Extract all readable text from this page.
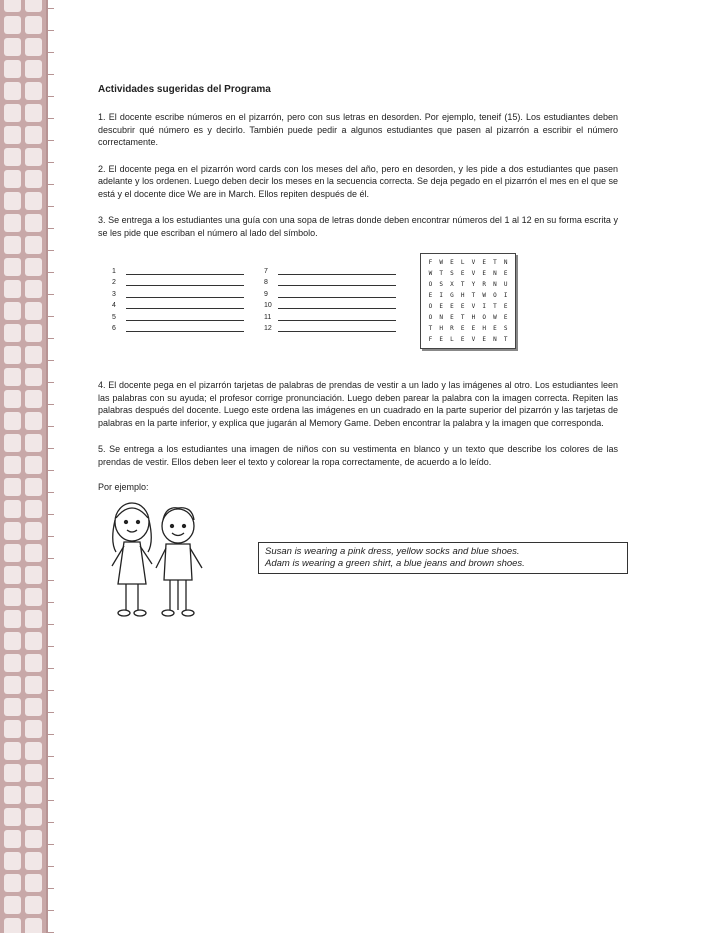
Actividades sugeridas del Programa

1. El docente escribe números en el pizarrón, pero con sus letras en desorden. Por ejemplo, teneif (15). Los estudiantes deben descubrir qué número es y decirlo. También puede pedir a algunos estudiantes que pasen al pizarrón a escribir el número correctamente.

2. El docente pega en el pizarrón word cards con los meses del año, pero en desorden, y les pide a dos estudiantes que pasen adelante y los ordenen. Luego deben decir los meses en la secuencia correcta. Se deja pegado en el pizarrón el mes en el que se está y el docente dice We are in March. Ellos repiten después de él.

3. Se entrega a los estudiantes una guía con una sopa de letras donde deben encontrar números del 1 al 12 en su forma escrita y se les pide que escriban el número al lado del símbolo.

1
2
3
4
5
6
7
8
9
10
11
12
F	W	E	L	V	E	T	N
W	T	S	E	V	E	N	E
O	S	X	T	Y	R	N	U
E	I	G	H	T	W	O	I
O	E	E	E	V	I	T	E
O	N	E	T	H	O	W	E
T	H	R	E	E	H	E	S
F	E	L	E	V	E	N	T

4. El docente pega en el pizarrón tarjetas de palabras de prendas de vestir a un lado y las imágenes al otro. Los estudiantes leen las palabras con su ayuda; el profesor corrige pronunciación. Luego deben parear la palabra con la imagen correcta. Repiten las palabras después del docente. Luego este ordena las imágenes en un cuadrado en la parte superior del pizarrón y las tarjetas de palabras en la parte inferior, y explica que jugarán al Memory Game. Deben encontrar la palabra y la imagen que corresponda.

5. Se entrega a los estudiantes una imagen de niños con su vestimenta en blanco y un texto que describe los colores de las prendas de vestir. Ellos deben leer el texto y colorear la ropa correctamente, de acuerdo a lo leído.

Por ejemplo:
Susan is wearing a pink dress, yellow socks and blue shoes.
Adam is wearing a green shirt, a blue jeans and brown shoes.
